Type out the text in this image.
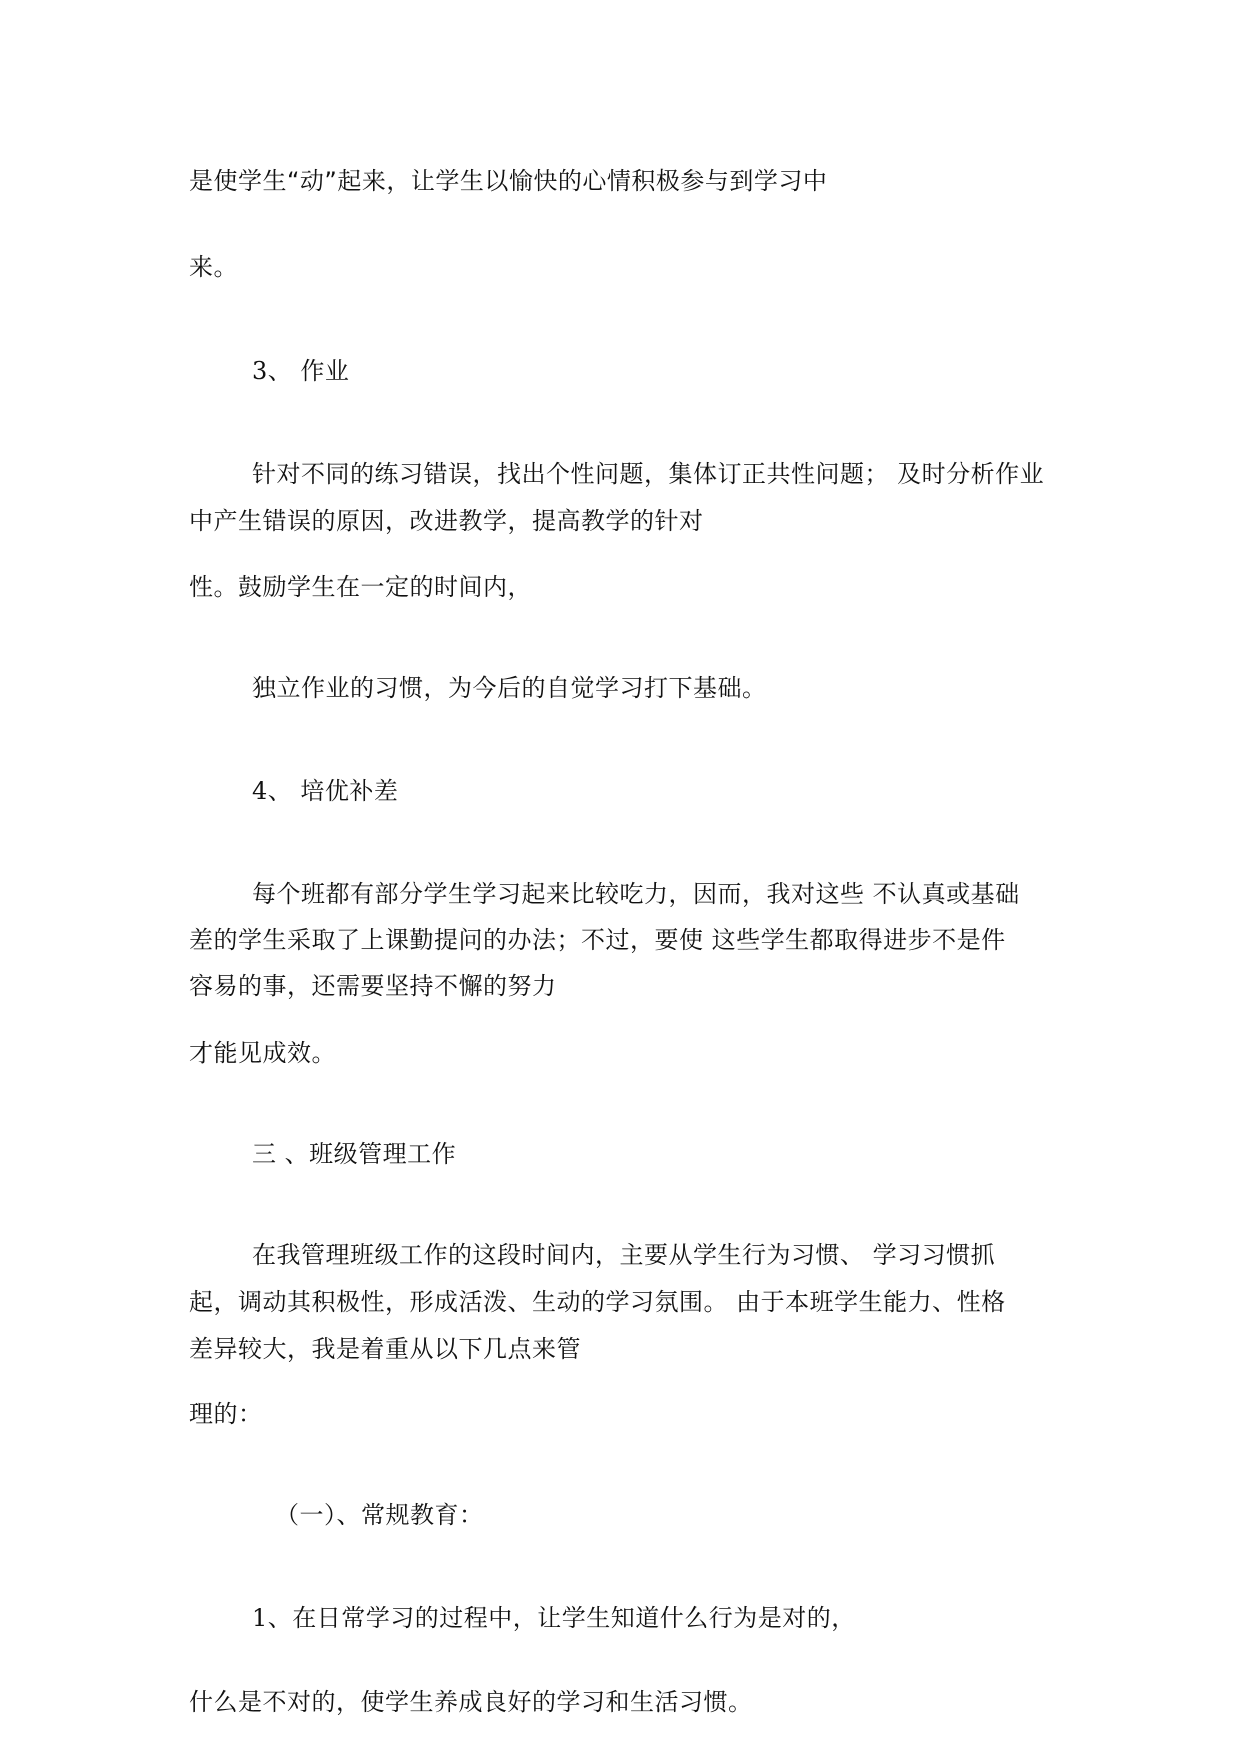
是使学生“动”起来，让学生以愉快的心情积极参与到学习中
来。
3、 作业
针对不同的练习错误，找出个性问题，集体订正共性问题； 及时分析作业
中产生错误的原因，改进教学，提高教学的针对
性。鼓励学生在一定的时间内，
独立作业的习惯，为今后的自觉学习打下基础。
4、 培优补差
每个班都有部分学生学习起来比较吃力，因而，我对这些 不认真或基础
差的学生采取了上课勤提问的办法；不过，要使 这些学生都取得进步不是件
容易的事，还需要坚持不懈的努力
才能见成效。
三 、班级管理工作
在我管理班级工作的这段时间内，主要从学生行为习惯、 学习习惯抓
起，调动其积极性，形成活泼、生动的学习氛围。 由于本班学生能力、性格
差异较大，我是着重从以下几点来管
理的：
（一）、常规教育：
1、在日常学习的过程中，让学生知道什么行为是对的，
什么是不对的，使学生养成良好的学习和生活习惯。
